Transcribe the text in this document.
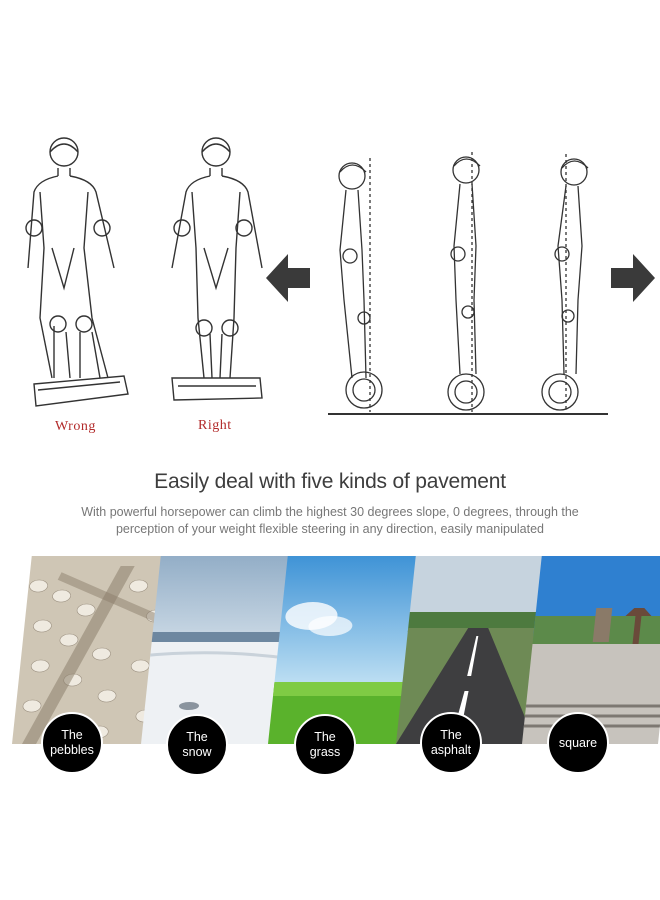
Wrong	Right
Easily deal with five kinds of pavement
With powerful horsepower can climb the highest 30 degrees slope, 0 degrees, through the
perception of your weight flexible steering in any direction, easily manipulated
The
pebbles
The
snow
The
grass
The
asphalt
square
